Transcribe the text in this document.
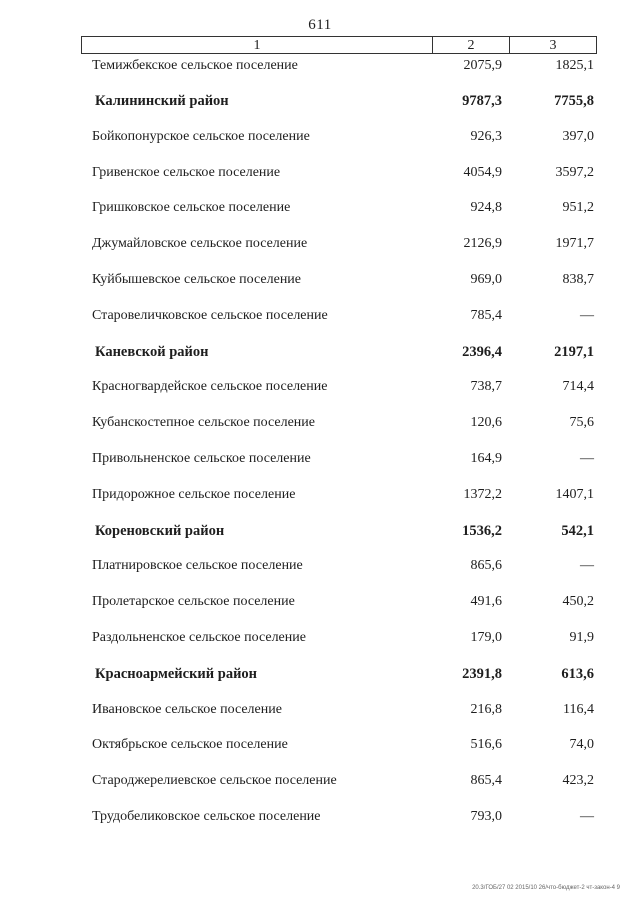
611
1	2	3
Темижбекское сельское поселение	2075,9	1825,1
Калининский район	9787,3	7755,8
Бойкопонурское сельское поселение	926,3	397,0
Гривенское сельское поселение	4054,9	3597,2
Гришковское сельское поселение	924,8	951,2
Джумайловское сельское поселение	2126,9	1971,7
Куйбышевское сельское поселение	969,0	838,7
Старовеличковское сельское поселение	785,4	—
Каневской район	2396,4	2197,1
Красногвардейское сельское поселение	738,7	714,4
Кубанскостепное сельское поселение	120,6	75,6
Привольненское сельское поселение	164,9	—
Придорожное сельское поселение	1372,2	1407,1
Кореновский район	1536,2	542,1
Платнировское сельское поселение	865,6	—
Пролетарское сельское поселение	491,6	450,2
Раздольненское сельское поселение	179,0	91,9
Красноармейский район	2391,8	613,6
Ивановское сельское поселение	216,8	116,4
Октябрьское сельское поселение	516,6	74,0
Староджерелиевское сельское поселение	865,4	423,2
Трудобеликовское сельское поселение	793,0	—
20.3/ГОБ/27 02 2015/10 26/что-бюджет-2 чт-закон-4 9
